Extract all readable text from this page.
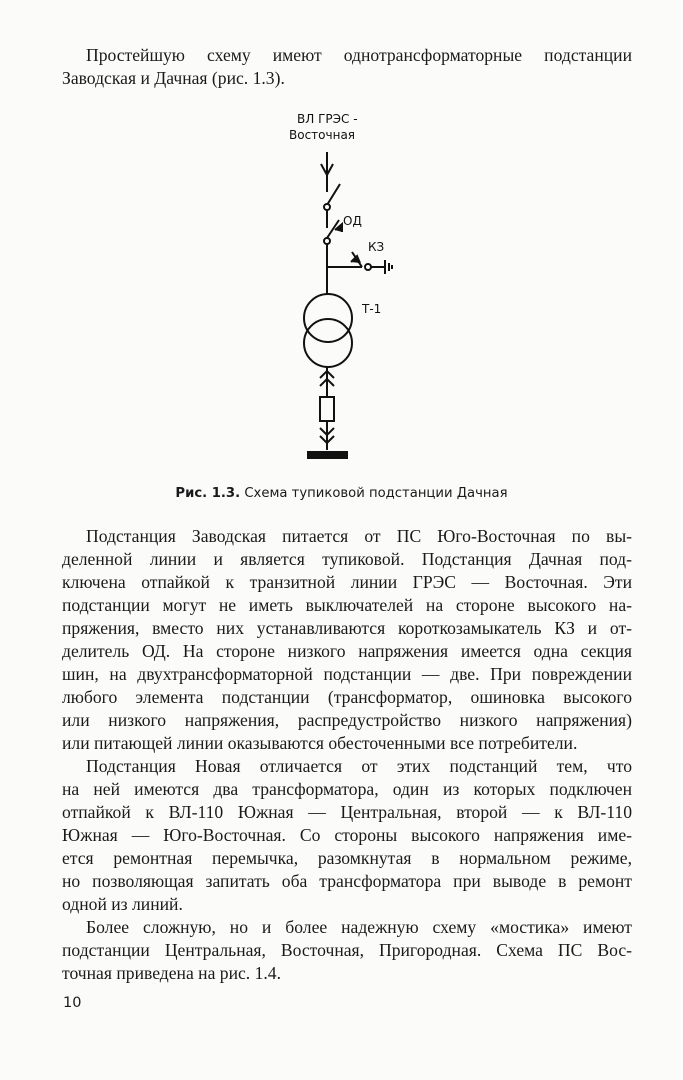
Простейшую схему имеют однотрансформаторные подстанции
Заводская и Дачная (рис. 1.3).
ВЛ ГРЭС -
Восточная
ОД
КЗ
Т-1
Рис. 1.3. Схема тупиковой подстанции Дачная
Подстанция Заводская питается от ПС Юго-Восточная по вы-
деленной линии и является тупиковой. Подстанция Дачная под-
ключена отпайкой к транзитной линии ГРЭС — Восточная. Эти
подстанции могут не иметь выключателей на стороне высокого на-
пряжения, вместо них устанавливаются короткозамыкатель КЗ и от-
делитель ОД. На стороне низкого напряжения имеется одна секция
шин, на двухтрансформаторной подстанции — две. При повреждении
любого элемента подстанции (трансформатор, ошиновка высокого
или низкого напряжения, распредустройство низкого напряжения)
или питающей линии оказываются обесточенными все потребители.
Подстанция Новая отличается от этих подстанций тем, что
на ней имеются два трансформатора, один из которых подключен
отпайкой к ВЛ-110 Южная — Центральная, второй — к ВЛ-110
Южная — Юго-Восточная. Со стороны высокого напряжения име-
ется ремонтная перемычка, разомкнутая в нормальном режиме,
но позволяющая запитать оба трансформатора при выводе в ремонт
одной из линий.
Более сложную, но и более надежную схему «мостика» имеют
подстанции Центральная, Восточная, Пригородная. Схема ПС Вос-
точная приведена на рис. 1.4.
10
